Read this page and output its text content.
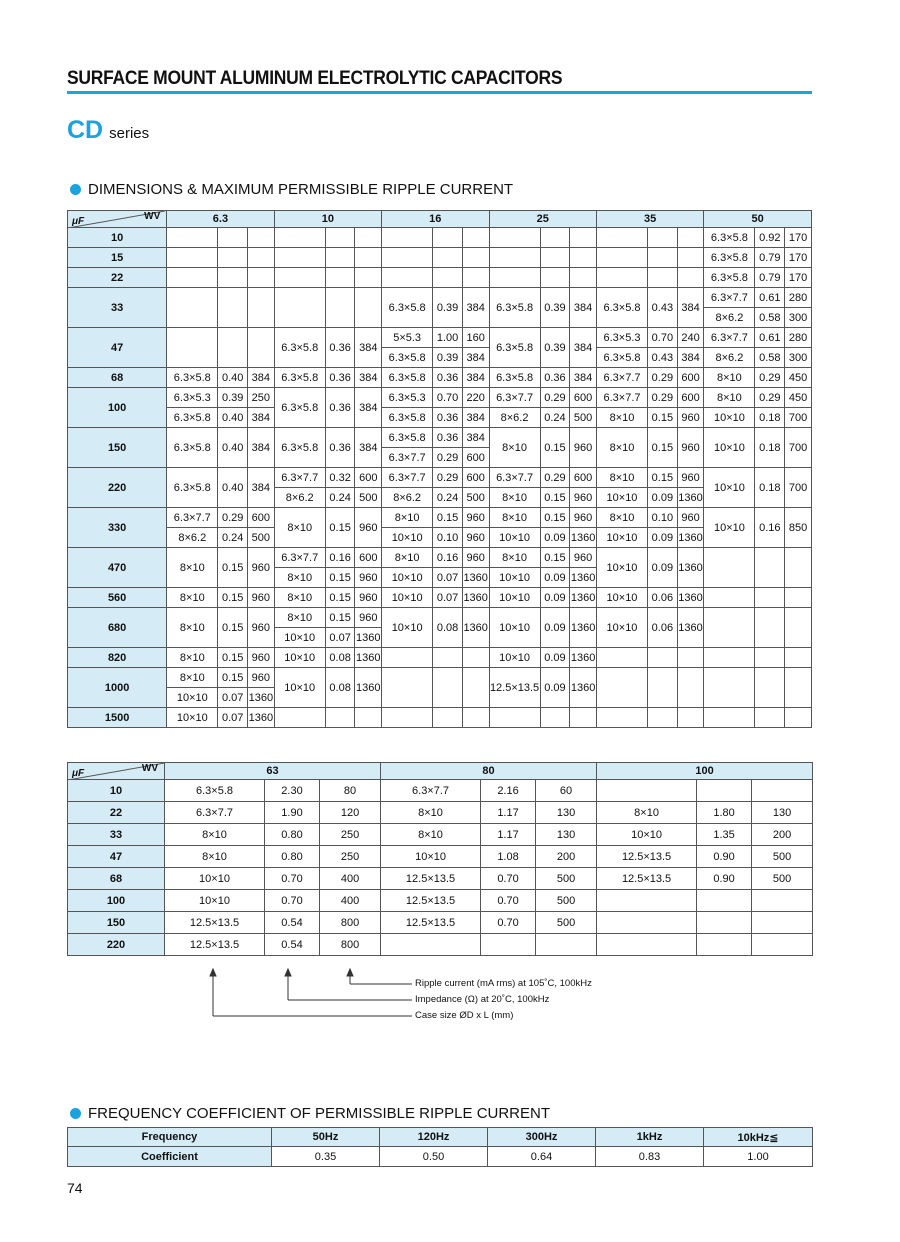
SURFACE MOUNT ALUMINUM ELECTROLYTIC CAPACITORS
CD series
DIMENSIONS & MAXIMUM PERMISSIBLE RIPPLE CURRENT
μF WV	6.3			10			16			25			35			50		
10																6.3×5.8	0.92	170
15																6.3×5.8	0.79	170
22																6.3×5.8	0.79	170
33							6.3×5.8	0.39	384	6.3×5.8	0.39	384	6.3×5.8	0.43	384	6.3×7.7	0.61	280
																8×6.2	0.58	300
47				6.3×5.8	0.36	384	5×5.3	1.00	160	6.3×5.8	0.39	384	6.3×5.3	0.70	240	6.3×7.7	0.61	280
							6.3×5.8	0.39	384				6.3×5.8	0.43	384	8×6.2	0.58	300
68	6.3×5.8	0.40	384	6.3×5.8	0.36	384	6.3×5.8	0.36	384	6.3×5.8	0.36	384	6.3×7.7	0.29	600	8×10	0.29	450
100	6.3×5.3	0.39	250	6.3×5.8	0.36	384	6.3×5.3	0.70	220	6.3×7.7	0.29	600	6.3×7.7	0.29	600	8×10	0.29	450
	6.3×5.8	0.40	384				6.3×5.8	0.36	384	8×6.2	0.24	500	8×10	0.15	960	10×10	0.18	700
150	6.3×5.8	0.40	384	6.3×5.8	0.36	384	6.3×5.8	0.36	384	8×10	0.15	960	8×10	0.15	960	10×10	0.18	700
							6.3×7.7	0.29	600									
220	6.3×5.8	0.40	384	6.3×7.7	0.32	600	6.3×7.7	0.29	600	6.3×7.7	0.29	600	8×10	0.15	960	10×10	0.18	700
				8×6.2	0.24	500	8×6.2	0.24	500	8×10	0.15	960	10×10	0.09	1360			
330	6.3×7.7	0.29	600	8×10	0.15	960	8×10	0.15	960	8×10	0.15	960	8×10	0.10	960	10×10	0.16	850
	8×6.2	0.24	500				10×10	0.10	960	10×10	0.09	1360	10×10	0.09	1360			
470	8×10	0.15	960	6.3×7.7	0.16	600	8×10	0.16	960	8×10	0.15	960	10×10	0.09	1360			
				8×10	0.15	960	10×10	0.07	1360	10×10	0.09	1360						
560	8×10	0.15	960	8×10	0.15	960	10×10	0.07	1360	10×10	0.09	1360	10×10	0.06	1360			
680	8×10	0.15	960	8×10	0.15	960	10×10	0.08	1360	10×10	0.09	1360	10×10	0.06	1360			
				10×10	0.07	1360												
820	8×10	0.15	960	10×10	0.08	1360				10×10	0.09	1360						
1000	8×10	0.15	960	10×10	0.08	1360				12.5×13.5	0.09	1360						
	10×10	0.07	1360															
1500	10×10	0.07	1360															
μF WV	63			80			100		
10	6.3×5.8	2.30	80	6.3×7.7	2.16	60			
22	6.3×7.7	1.90	120	8×10	1.17	130	8×10	1.80	130
33	8×10	0.80	250	8×10	1.17	130	10×10	1.35	200
47	8×10	0.80	250	10×10	1.08	200	12.5×13.5	0.90	500
68	10×10	0.70	400	12.5×13.5	0.70	500	12.5×13.5	0.90	500
100	10×10	0.70	400	12.5×13.5	0.70	500			
150	12.5×13.5	0.54	800	12.5×13.5	0.70	500			
220	12.5×13.5	0.54	800						
Ripple current (mA rms) at 105˚C, 100kHz
Impedance (Ω) at 20˚C, 100kHz
Case size ØD x L (mm)
FREQUENCY COEFFICIENT OF PERMISSIBLE RIPPLE CURRENT
Frequency	50Hz	120Hz	300Hz	1kHz	10kHz≦
Coefficient	0.35	0.50	0.64	0.83	1.00
74
